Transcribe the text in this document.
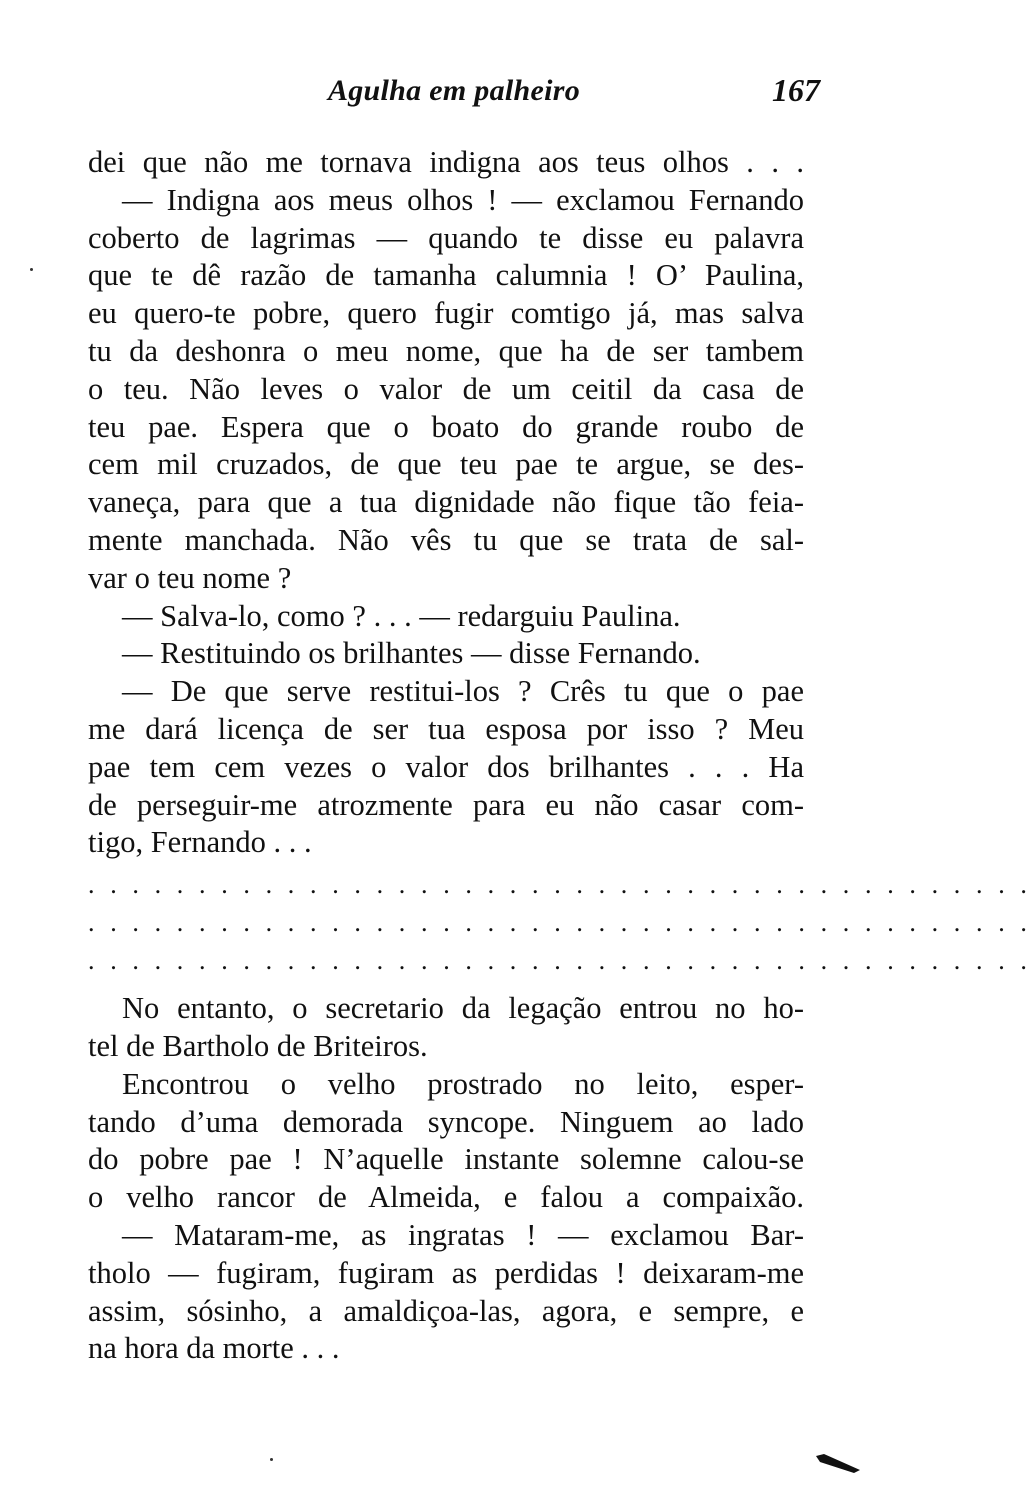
Agulha em palheiro	167
dei que não me tornava indigna aos teus olhos . . .
— Indigna aos meus olhos ! — exclamou Fernando
coberto de lagrimas — quando te disse eu palavra
que te dê razão de tamanha calumnia ! O’ Paulina,
eu quero-te pobre, quero fugir comtigo já, mas salva
tu da deshonra o meu nome, que ha de ser tambem
o teu. Não leves o valor de um ceitil da casa de
teu pae. Espera que o boato do grande roubo de
cem mil cruzados, de que teu pae te argue, se des-
vaneça, para que a tua dignidade não fique tão feia-
mente manchada. Não vês tu que se trata de sal-
var o teu nome ?
— Salva-lo, como ? . . . — redarguiu Paulina.
— Restituindo os brilhantes — disse Fernando.
— De que serve restitui-los ? Crês tu que o pae
me dará licença de ser tua esposa por isso ? Meu
pae tem cem vezes o valor dos brilhantes . . . Ha
de perseguir-me atrozmente para eu não casar com-
tigo, Fernando . . .
. . . . . . . . . . . . . . . . . . . . . . . . . . . . . . . . . . . . . . . . . . .
. . . . . . . . . . . . . . . . . . . . . . . . . . . . . . . . . . . . . . . . . . .
. . . . . . . . . . . . . . . . . . . . . . . . . . . . . . . . . . . . . . . . . . .
No entanto, o secretario da legação entrou no ho-
tel de Bartholo de Briteiros.
Encontrou o velho prostrado no leito, esper-
tando d’uma demorada syncope. Ninguem ao lado
do pobre pae ! N’aquelle instante solemne calou-se
o velho rancor de Almeida, e falou a compaixão.
— Mataram-me, as ingratas ! — exclamou Bar-
tholo — fugiram, fugiram as perdidas ! deixaram-me
assim, sósinho, a amaldiçoa-las, agora, e sempre, e
na hora da morte . . .
